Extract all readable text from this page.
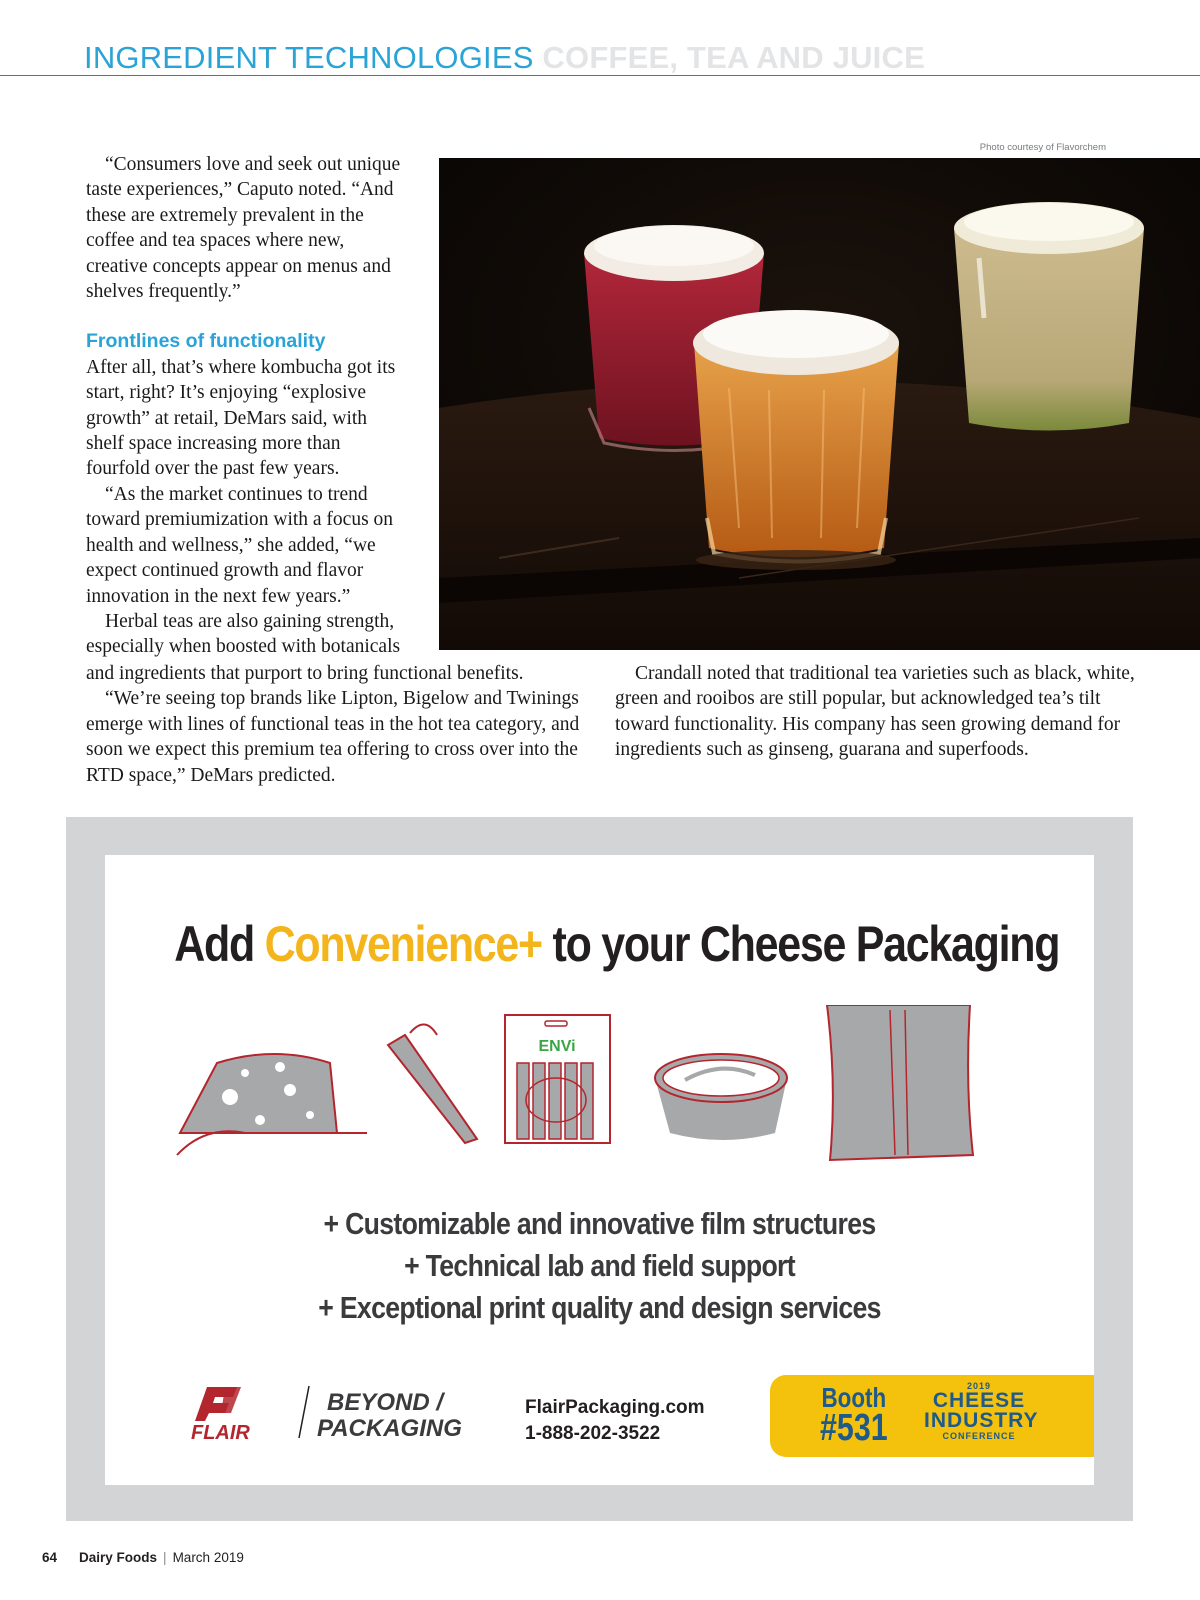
INGREDIENT TECHNOLOGIES COFFEE, TEA AND JUICE
Photo courtesy of Flavorchem

“Consumers love and seek out unique taste experiences,” Caputo noted. “And these are extremely prevalent in the coffee and tea spaces where new, creative concepts appear on menus and shelves frequently.”

Frontlines of functionality

After all, that’s where kombucha got its start, right? It’s enjoying “explosive growth” at retail, DeMars said, with shelf space increasing more than fourfold over the past few years.

“As the market continues to trend toward premiumization with a focus on health and wellness,” she added, “we expect continued growth and flavor innovation in the next few years.”

Herbal teas are also gaining strength, especially when boosted with botanicals

and ingredients that purport to bring functional benefits.

“We’re seeing top brands like Lipton, Bigelow and Twinings emerge with lines of functional teas in the hot tea category, and soon we expect this premium tea offering to cross over into the RTD space,” DeMars predicted.

Crandall noted that traditional tea varieties such as black, white, green and rooibos are still popular, but acknowledged tea’s tilt toward functionality. His company has seen growing demand for ingredients such as ginseng, guarana and superfoods.

Add Convenience+ to your Cheese Packaging
ENVi
+ Customizable and innovative film structures
+ Technical lab and field support
+ Exceptional print quality and design services
FLAIR
BEYOND /
PACKAGING
FlairPackaging.com
1-888-202-3522
Booth
#531
2019
CHEESE
INDUSTRY
CONFERENCE
64 Dairy Foods | March 2019
